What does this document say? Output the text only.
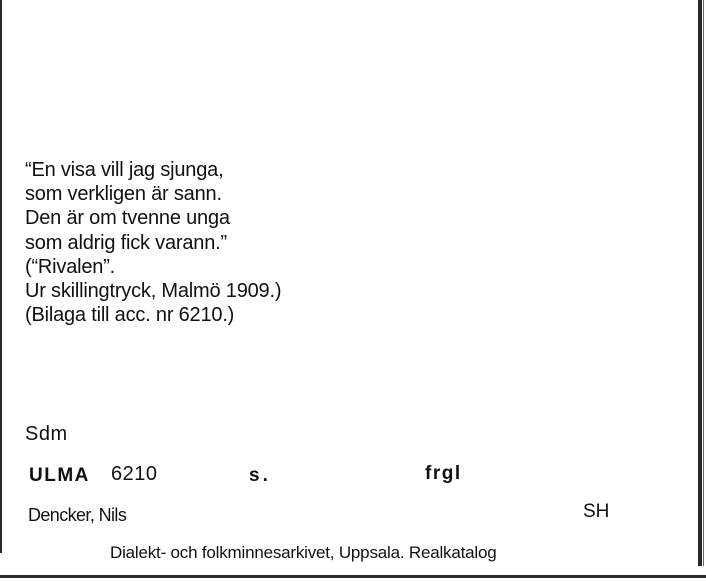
“En visa vill jag sjunga,
som verkligen är sann.
Den är om tvenne unga
som aldrig fick varann.”
(“Rivalen”.
Ur skillingtryck, Malmö 1909.)
(Bilaga till acc. nr 6210.)
Sdm
ULMA 6210	s.	frgl
Dencker, Nils	SH
Dialekt- och folkminnesarkivet, Uppsala. Realkatalog
